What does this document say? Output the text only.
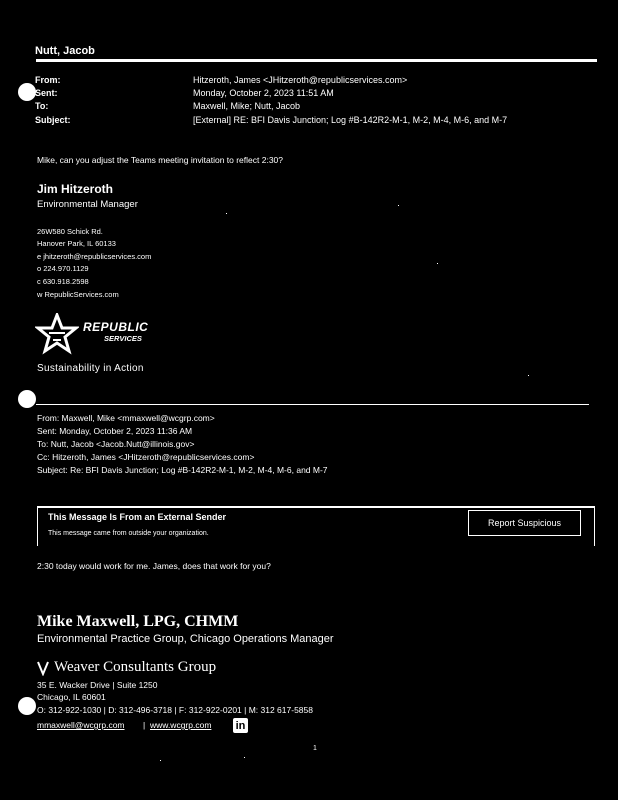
Nutt, Jacob
From:	Hitzeroth, James <JHitzeroth@republicservices.com>
Sent:	Monday, October 2, 2023 11:51 AM
To:	Maxwell, Mike; Nutt, Jacob
Subject:	[External] RE: BFI Davis Junction; Log #B-142R2-M-1, M-2, M-4, M-6, and M-7
Mike, can you adjust the Teams meeting invitation to reflect 2:30?
Jim Hitzeroth
Environmental Manager
26W580 Schick Rd.
Hanover Park, IL 60133
e jhitzeroth@republicservices.com
o 224.970.1129
c 630.918.2598
w RepublicServices.com
REPUBLIC
SERVICES
Sustainability in Action
From: Maxwell, Mike <mmaxwell@wcgrp.com>
Sent: Monday, October 2, 2023 11:36 AM
To: Nutt, Jacob <Jacob.Nutt@illinois.gov>
Cc: Hitzeroth, James <JHitzeroth@republicservices.com>
Subject: Re: BFI Davis Junction; Log #B-142R2-M-1, M-2, M-4, M-6, and M-7
This Message Is From an External Sender
This message came from outside your organization.
Report Suspicious
2:30 today would work for me. James, does that work for you?
Mike Maxwell, LPG, CHMM
Environmental Practice Group, Chicago Operations Manager
Weaver Consultants Group
35 E. Wacker Drive | Suite 1250
Chicago, IL 60601
O: 312-922-1030 | D: 312-496-3718 | F: 312-922-0201 | M: 312 617-5858
mmaxwell@wcgrp.com | www.wcgrp.com in
1
